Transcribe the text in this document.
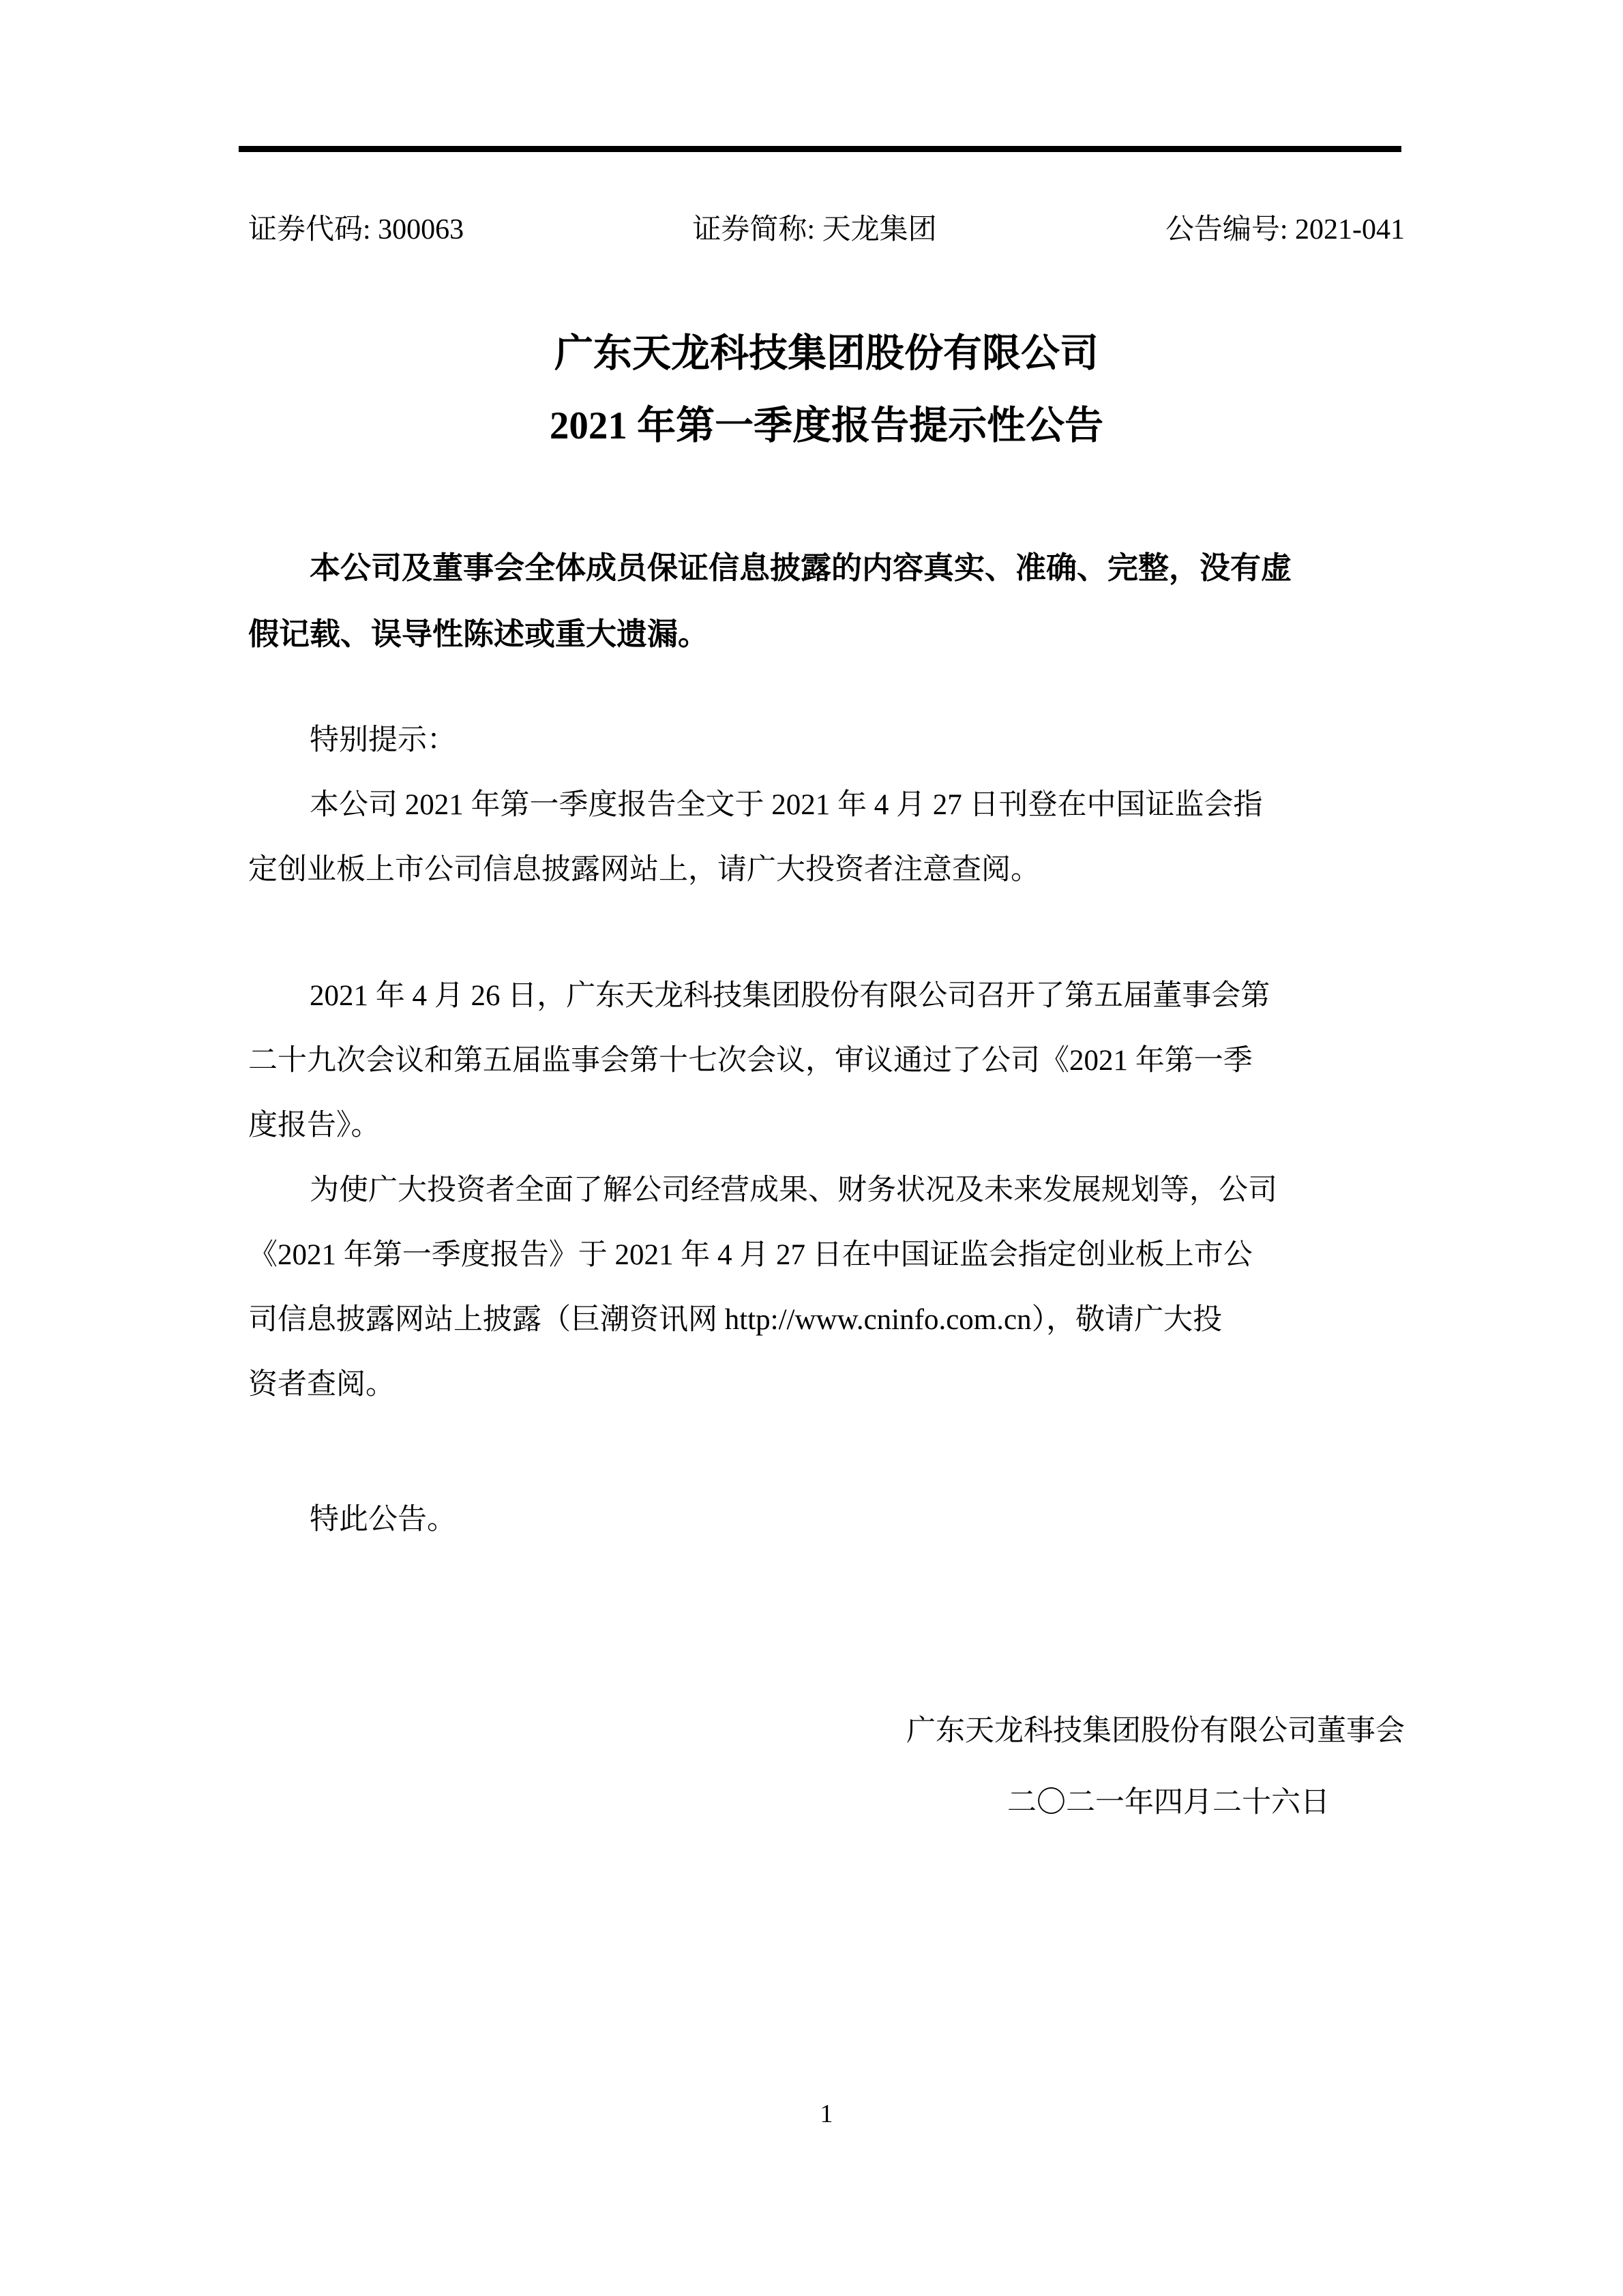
证券代码: 300063	证券简称: 天龙集团	公告编号: 2021-041
广东天龙科技集团股份有限公司
2021 年第一季度报告提示性公告
本公司及董事会全体成员保证信息披露的内容真实、准确、完整，没有虚
假记载、误导性陈述或重大遗漏。
特别提示：
本公司 2021 年第一季度报告全文于 2021 年 4 月 27 日刊登在中国证监会指
定创业板上市公司信息披露网站上，请广大投资者注意查阅。
2021 年 4 月 26 日，广东天龙科技集团股份有限公司召开了第五届董事会第
二十九次会议和第五届监事会第十七次会议，审议通过了公司《2021 年第一季
度报告》。
为使广大投资者全面了解公司经营成果、财务状况及未来发展规划等，公司
《2021 年第一季度报告》于 2021 年 4 月 27 日在中国证监会指定创业板上市公
司信息披露网站上披露（巨潮资讯网 http://www.cninfo.com.cn），敬请广大投
资者查阅。
特此公告。
广东天龙科技集团股份有限公司董事会
二〇二一年四月二十六日
1
